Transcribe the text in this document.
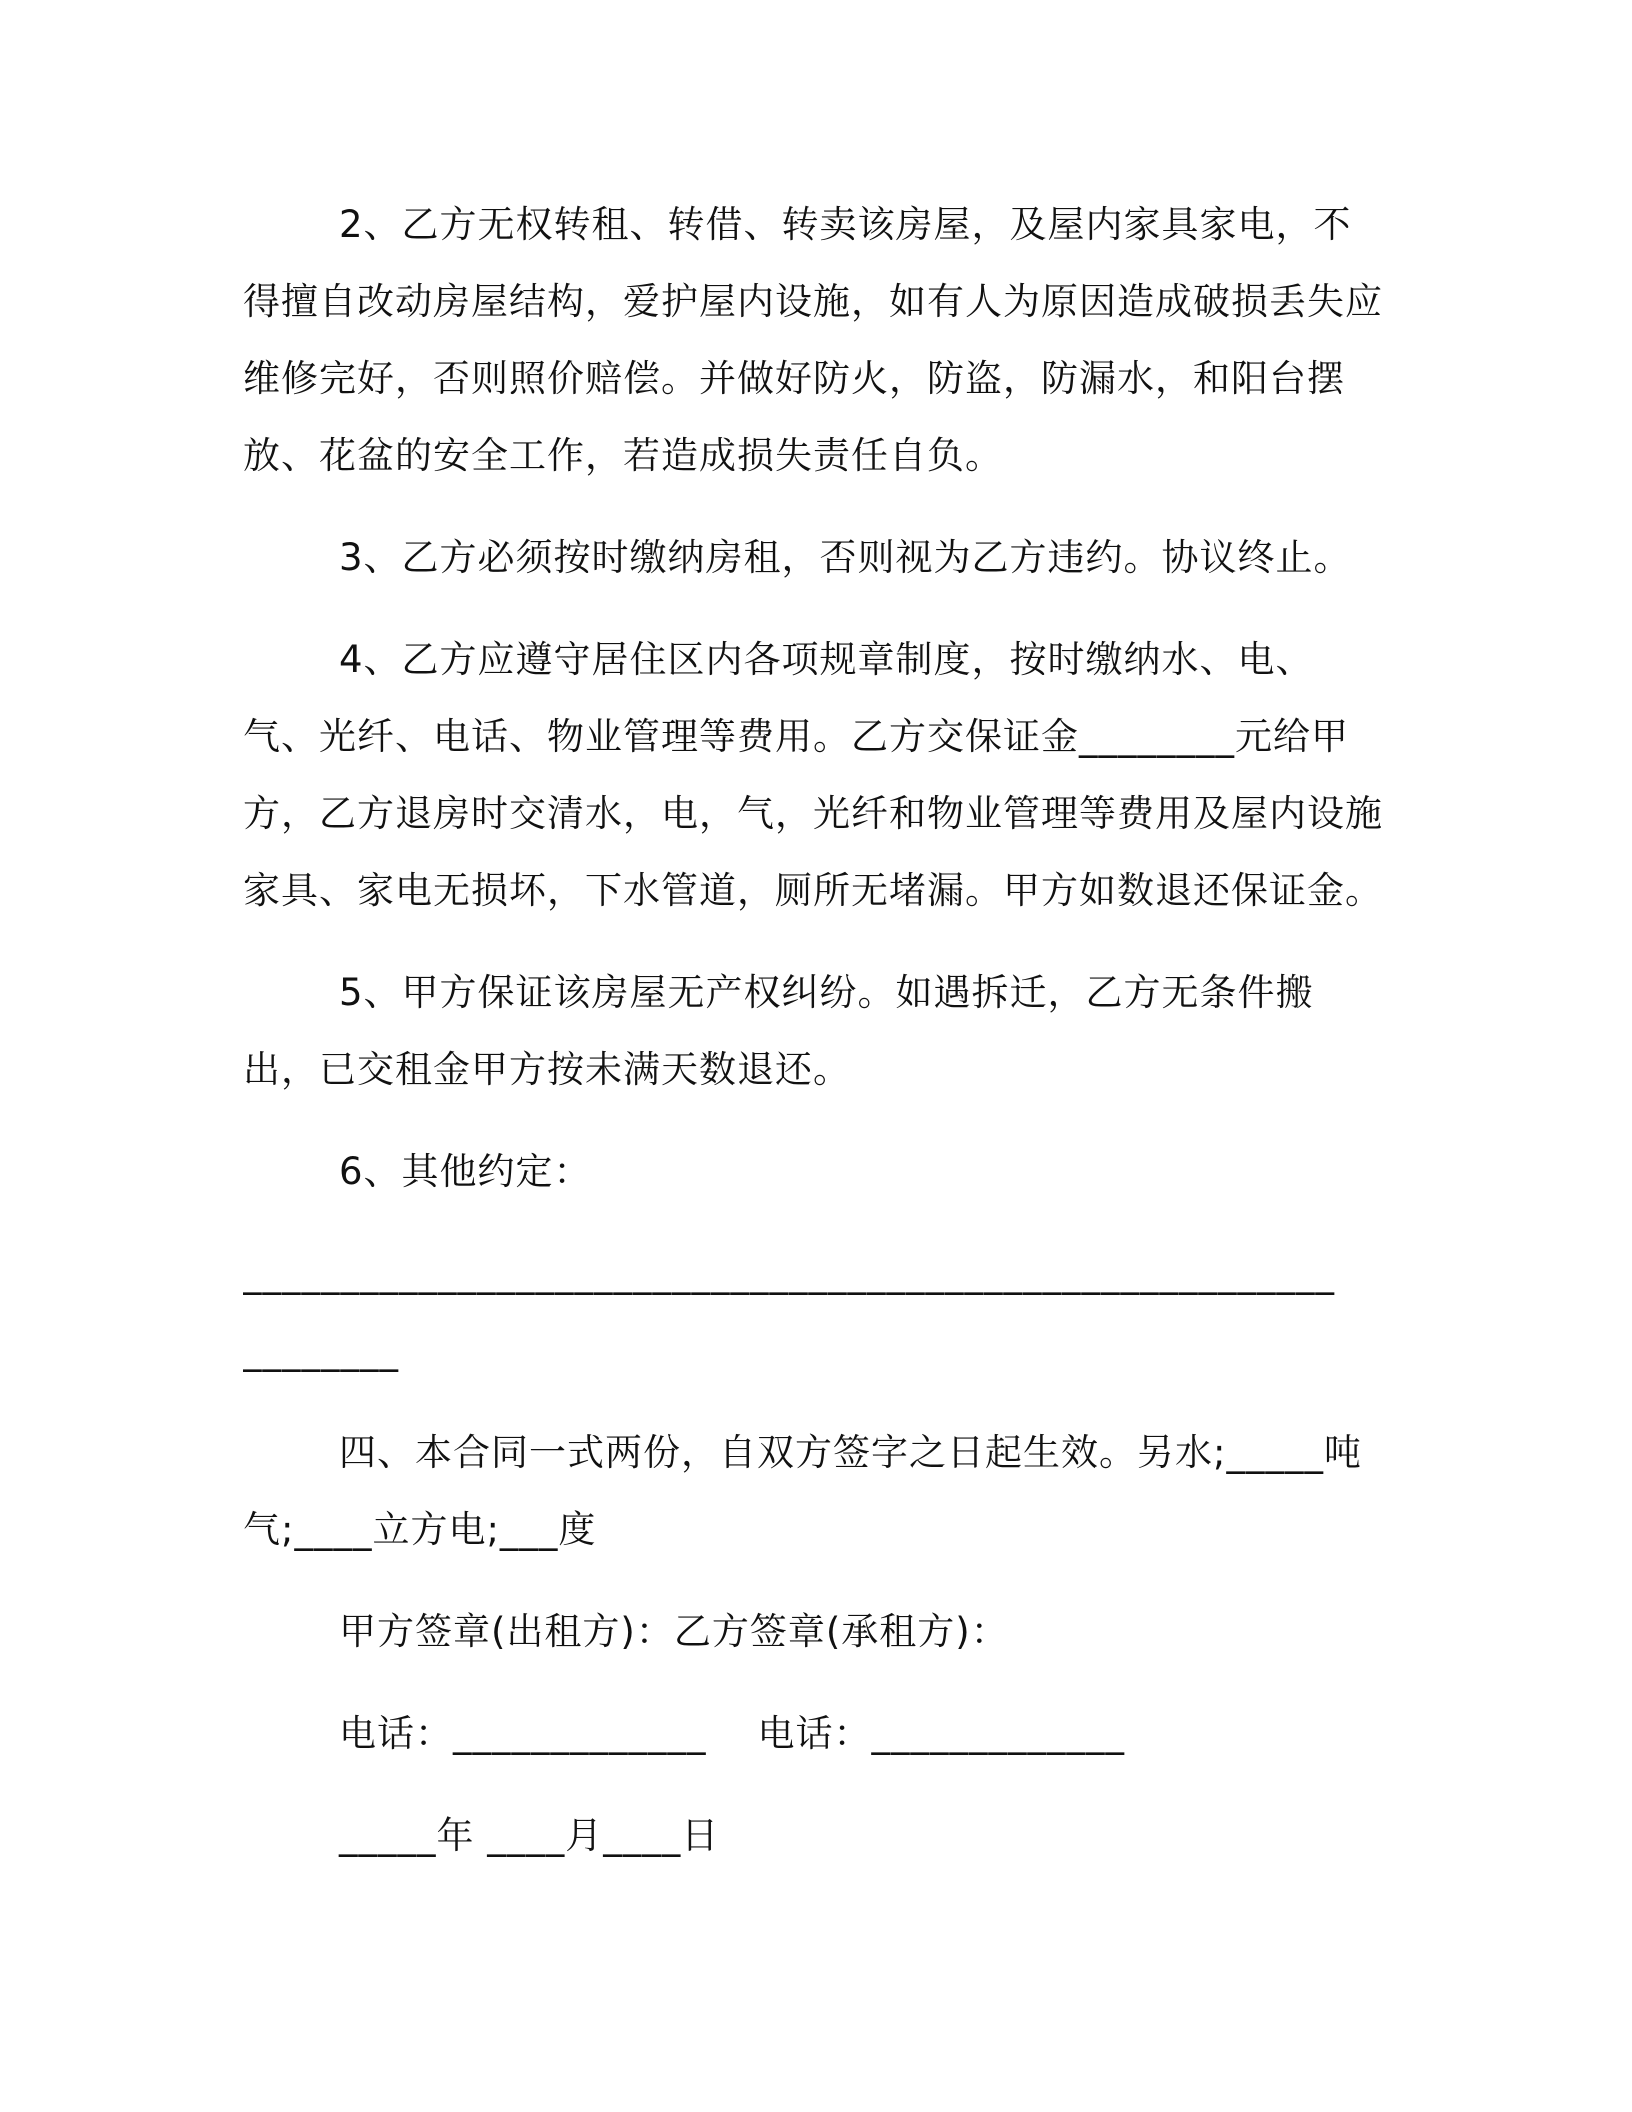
2、乙方无权转租、转借、转卖该房屋，及屋内家具家电，不得擅自改动房屋结构，爱护屋内设施，如有人为原因造成破损丢失应维修完好，否则照价赔偿。并做好防火，防盗，防漏水，和阳台摆放、花盆的安全工作，若造成损失责任自负。

3、乙方必须按时缴纳房租，否则视为乙方违约。协议终止。

4、乙方应遵守居住区内各项规章制度，按时缴纳水、电、气、光纤、电话、物业管理等费用。乙方交保证金________元给甲方，乙方退房时交清水，电，气，光纤和物业管理等费用及屋内设施家具、家电无损坏，下水管道，厕所无堵漏。甲方如数退还保证金。

5、甲方保证该房屋无产权纠纷。如遇拆迁，乙方无条件搬出，已交租金甲方按未满天数退还。

6、其他约定：

________________________________________________________
________

四、本合同一式两份，自双方签字之日起生效。另水;_____吨气;____立方电;___度

甲方签章(出租方)：乙方签章(承租方)：
电话：_____________    电话：_____________
_____年 ____月____日
